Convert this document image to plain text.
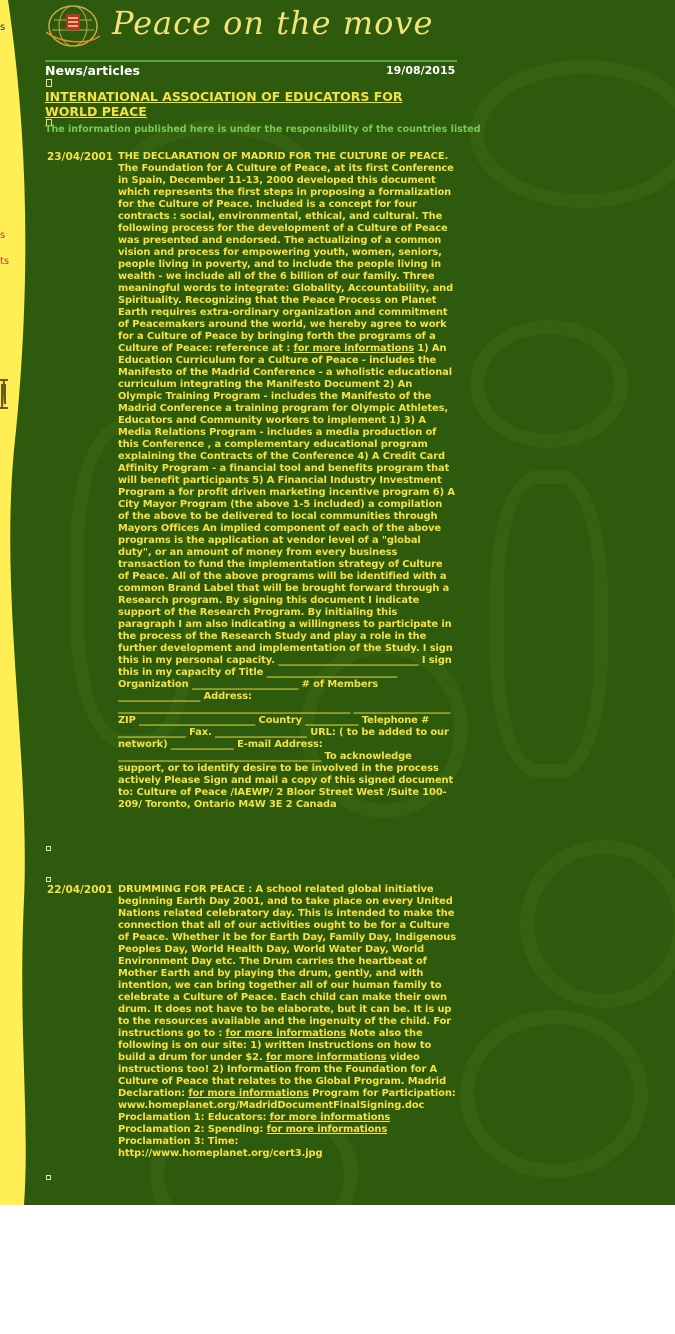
s
s
ts
Peace on the move
News/articles	19/08/2015
INTERNATIONAL ASSOCIATION OF EDUCATORS FOR WORLD PEACE
The information published here is under the responsibility of the countries listed
23/04/2001 THE DECLARATION OF MADRID FOR THE CULTURE OF PEACE. The Foundation for A Culture of Peace, at its first Conference in Spain, December 11-13, 2000 developed this document which represents the first steps in proposing a formalization for the Culture of Peace. Included is a concept for four contracts : social, environmental, ethical, and cultural. The following process for the development of a Culture of Peace was presented and endorsed. The actualizing of a common vision and process for empowering youth, women, seniors, people living in poverty, and to include the people living in wealth - we include all of the 6 billion of our family. Three meaningful words to integrate: Globality, Accountability, and Spirituality. Recognizing that the Peace Process on Planet Earth requires extra-ordinary organization and commitment of Peacemakers around the world, we hereby agree to work for a Culture of Peace by bringing forth the programs of a Culture of Peace: reference at : for more informations 1) An Education Curriculum for a Culture of Peace - includes the Manifesto of the Madrid Conference - a wholistic educational curriculum integrating the Manifesto Document 2) An Olympic Training Program - includes the Manifesto of the Madrid Conference a training program for Olympic Athletes, Educators and Community workers to implement 1) 3) A Media Relations Program - includes a media production of this Conference , a complementary educational program explaining the Contracts of the Conference 4) A Credit Card Affinity Program - a financial tool and benefits program that will benefit participants 5) A Financial Industry Investment Program a for profit driven marketing incentive program 6) A City Mayor Program (the above 1-5 included) a compilation of the above to be delivered to local communities through Mayors Offices An implied component of each of the above programs is the application at vendor level of a "global duty", or an amount of money from every business transaction to fund the implementation strategy of Culture of Peace. All of the above programs will be identified with a common Brand Label that will be brought forward through a Research program. By signing this document I indicate support of the Research Program. By initialing this paragraph I am also indicating a willingness to participate in the process of the Research Study and play a role in the further development and implementation of the Study. I sign this in my personal capacity. _____________________________ I sign this in my capacity of Title ___________________________ Organization ______________________ # of Members _________________ Address: ________________________________________________ ____________________ ZIP ________________________ Country ___________ Telephone # ______________ Fax. ___________________ URL: ( to be added to our network) _____________ E-mail Address: __________________________________________ To acknowledge support, or to identify desire to be involved in the process actively Please Sign and mail a copy of this signed document to: Culture of Peace /IAEWP/ 2 Bloor Street West /Suite 100-209/ Toronto, Ontario M4W 3E 2 Canada
22/04/2001 DRUMMING FOR PEACE : A school related global initiative beginning Earth Day 2001, and to take place on every United Nations related celebratory day. This is intended to make the connection that all of our activities ought to be for a Culture of Peace. Whether it be for Earth Day, Family Day, Indigenous Peoples Day, World Health Day, World Water Day, World Environment Day etc. The Drum carries the heartbeat of Mother Earth and by playing the drum, gently, and with intention, we can bring together all of our human family to celebrate a Culture of Peace. Each child can make their own drum. It does not have to be elaborate, but it can be. It is up to the resources available and the ingenuity of the child. For instructions go to : for more informations Note also the following is on our site: 1) written Instructions on how to build a drum for under $2. for more informations video instructions too! 2) Information from the Foundation for A Culture of Peace that relates to the Global Program. Madrid Declaration: for more informations Program for Participation:
www.homeplanet.org/MadridDocumentFinalSigning.doc
Proclamation 1: Educators: for more informations
Proclamation 2: Spending: for more informations
Proclamation 3: Time:
http://www.homeplanet.org/cert3.jpg
